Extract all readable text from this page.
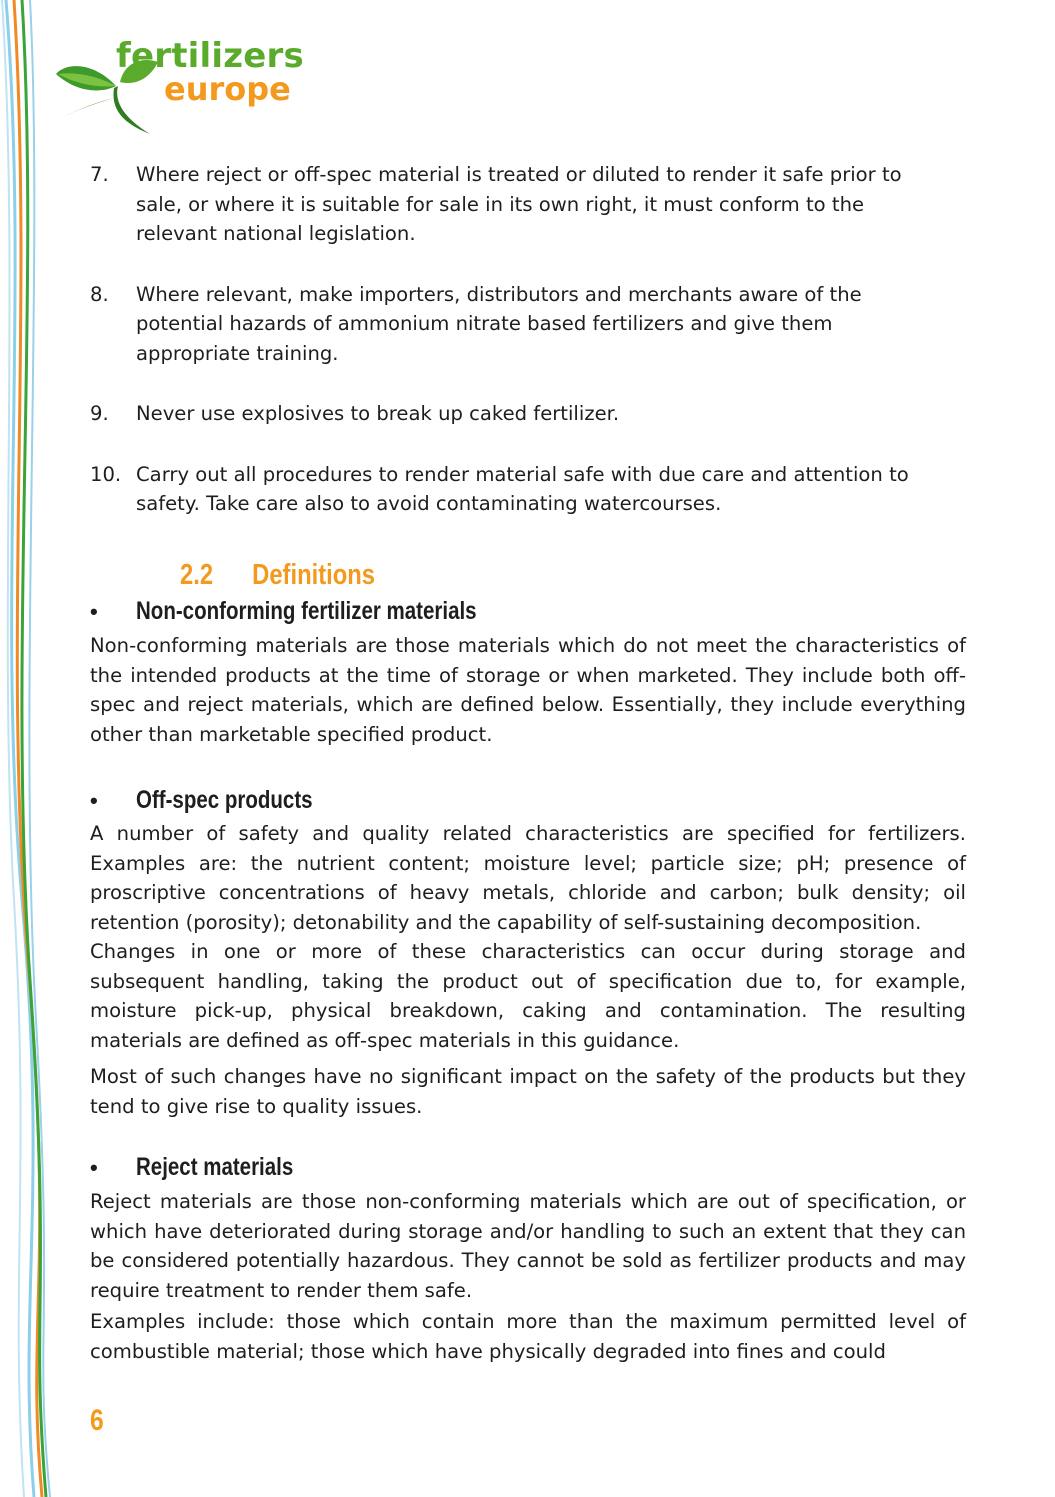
fertilizers
europe
7.	Where reject or off-spec material is treated or diluted to render it safe prior to sale, or where it is suitable for sale in its own right, it must conform to the relevant national legislation.
8.	Where relevant, make importers, distributors and merchants aware of the potential hazards of ammonium nitrate based fertilizers and give them appropriate training.
9.	Never use explosives to break up caked fertilizer.
10. Carry out all procedures to render material safe with due care and attention to safety. Take care also to avoid contaminating watercourses.
2.2 Definitions
•	Non-conforming fertilizer materials

Non-conforming materials are those materials which do not meet the characteristics of the intended products at the time of storage or when marketed. They include both off-spec and reject materials, which are defined below. Essentially, they include everything other than marketable specified product.

•	Off-spec products

A number of safety and quality related characteristics are specified for fertilizers. Examples are: the nutrient content; moisture level; particle size; pH; presence of proscriptive concentrations of heavy metals, chloride and carbon; bulk density; oil retention (porosity); detonability and the capability of self-sustaining decomposition.

Changes in one or more of these characteristics can occur during storage and subsequent handling, taking the product out of specification due to, for example, moisture pick-up, physical breakdown, caking and contamination. The resulting materials are defined as off-spec materials in this guidance.

Most of such changes have no significant impact on the safety of the products but they tend to give rise to quality issues.

•	Reject materials

Reject materials are those non-conforming materials which are out of specification, or which have deteriorated during storage and/or handling to such an extent that they can be considered potentially hazardous. They cannot be sold as fertilizer products and may require treatment to render them safe.

Examples include: those which contain more than the maximum permitted level of combustible material; those which have physically degraded into fines and could

6
